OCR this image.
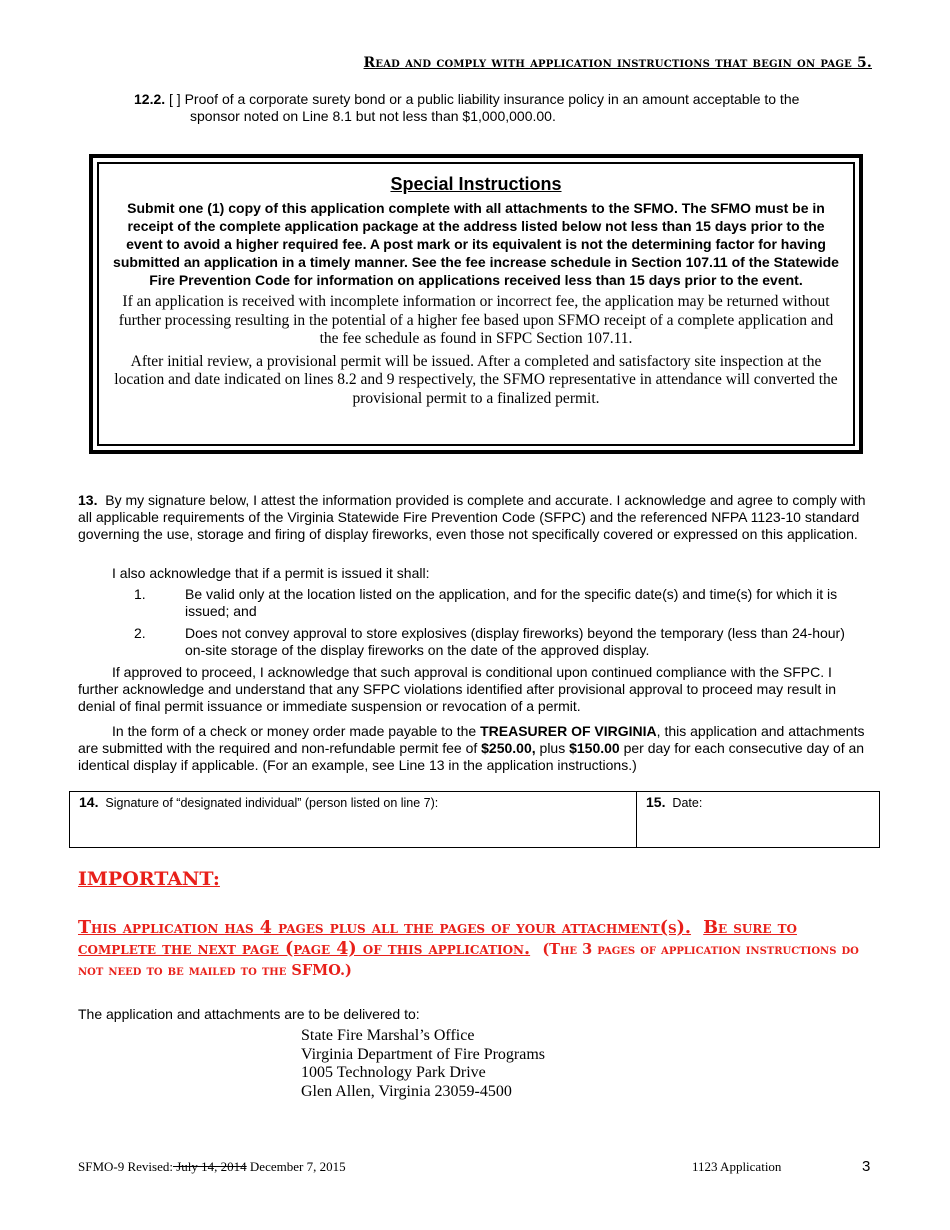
Read and comply with application instructions that begin on page 5.
12.2. [ ] Proof of a corporate surety bond or a public liability insurance policy in an amount acceptable to the
sponsor noted on Line 8.1 but not less than $1,000,000.00.
Special Instructions
Submit one (1) copy of this application complete with all attachments to the SFMO. The SFMO must be in receipt of the complete application package at the address listed below not less than 15 days prior to the event to avoid a higher required fee. A post mark or its equivalent is not the determining factor for having submitted an application in a timely manner. See the fee increase schedule in Section 107.11 of the Statewide Fire Prevention Code for information on applications received less than 15 days prior to the event.
If an application is received with incomplete information or incorrect fee, the application may be returned without further processing resulting in the potential of a higher fee based upon SFMO receipt of a complete application and the fee schedule as found in SFPC Section 107.11.
After initial review, a provisional permit will be issued. After a completed and satisfactory site inspection at the location and date indicated on lines 8.2 and 9 respectively, the SFMO representative in attendance will converted the provisional permit to a finalized permit.
13. By my signature below, I attest the information provided is complete and accurate. I acknowledge and agree to comply with all applicable requirements of the Virginia Statewide Fire Prevention Code (SFPC) and the referenced NFPA 1123-10 standard governing the use, storage and firing of display fireworks, even those not specifically covered or expressed on this application.
I also acknowledge that if a permit is issued it shall:
1.	Be valid only at the location listed on the application, and for the specific date(s) and time(s) for which it is issued; and
2.	Does not convey approval to store explosives (display fireworks) beyond the temporary (less than 24-hour) on-site storage of the display fireworks on the date of the approved display.
If approved to proceed, I acknowledge that such approval is conditional upon continued compliance with the SFPC. I further acknowledge and understand that any SFPC violations identified after provisional approval to proceed may result in denial of final permit issuance or immediate suspension or revocation of a permit.
In the form of a check or money order made payable to the TREASURER OF VIRGINIA, this application and attachments are submitted with the required and non-refundable permit fee of $250.00, plus $150.00 per day for each consecutive day of an identical display if applicable. (For an example, see Line 13 in the application instructions.)
14. Signature of “designated individual” (person listed on line 7):	15. Date:
IMPORTANT:
This application has 4 pages plus all the pages of your attachment(s). Be sure to complete the next page (page 4) of this application. (The 3 pages of application instructions do not need to be mailed to the SFMO.)
The application and attachments are to be delivered to:
State Fire Marshal’s Office
Virginia Department of Fire Programs
1005 Technology Park Drive
Glen Allen, Virginia 23059-4500
SFMO-9 Revised: July 14, 2014 December 7, 2015	1123 Application	3
